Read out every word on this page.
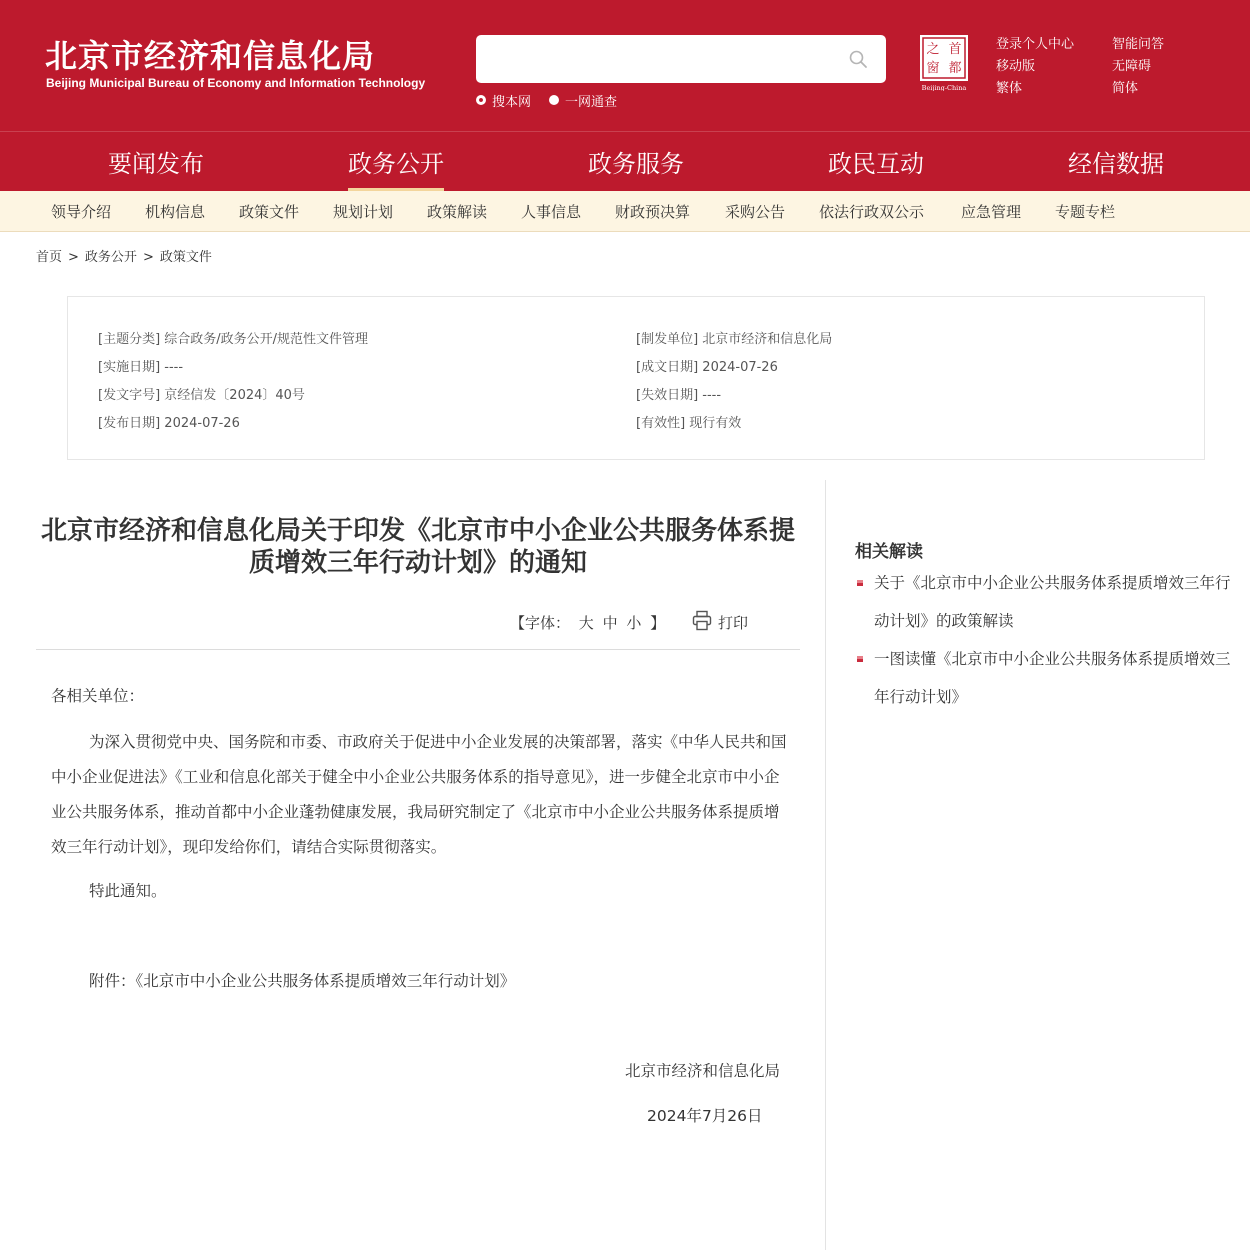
北京市经济和信息化局
Beijing Municipal Bureau of Economy and Information Technology
搜本网	一网通查
首
之
都
窗
Beijing-China
登录个人中心
移动版
繁体
智能问答
无障碍
简体
要闻发布	政务公开	政务服务	政民互动	经信数据
领导介绍 机构信息 政策文件 规划计划 政策解读 人事信息 财政预决算 采购公告 依法行政双公示 应急管理 专题专栏
首页 > 政务公开 > 政策文件
[主题分类] 综合政务/政务公开/规范性文件管理	[制发单位] 北京市经济和信息化局
[实施日期] ----	[成文日期] 2024-07-26
[发文字号] 京经信发〔2024〕40号	[失效日期] ----
[发布日期] 2024-07-26	[有效性] 现行有效
北京市经济和信息化局关于印发《北京市中小企业公共服务体系提质增效三年行动计划》的通知
【字体： 大 中 小 】	打印
各相关单位：
为深入贯彻党中央、国务院和市委、市政府关于促进中小企业发展的决策部署，落实《中华人民共和国中小企业促进法》《工业和信息化部关于健全中小企业公共服务体系的指导意见》，进一步健全北京市中小企业公共服务体系，推动首都中小企业蓬勃健康发展，我局研究制定了《北京市中小企业公共服务体系提质增效三年行动计划》，现印发给你们，请结合实际贯彻落实。
特此通知。
附件：《北京市中小企业公共服务体系提质增效三年行动计划》
北京市经济和信息化局
2024年7月26日
相关解读
关于《北京市中小企业公共服务体系提质增效三年行动计划》的政策解读
一图读懂《北京市中小企业公共服务体系提质增效三年行动计划》
